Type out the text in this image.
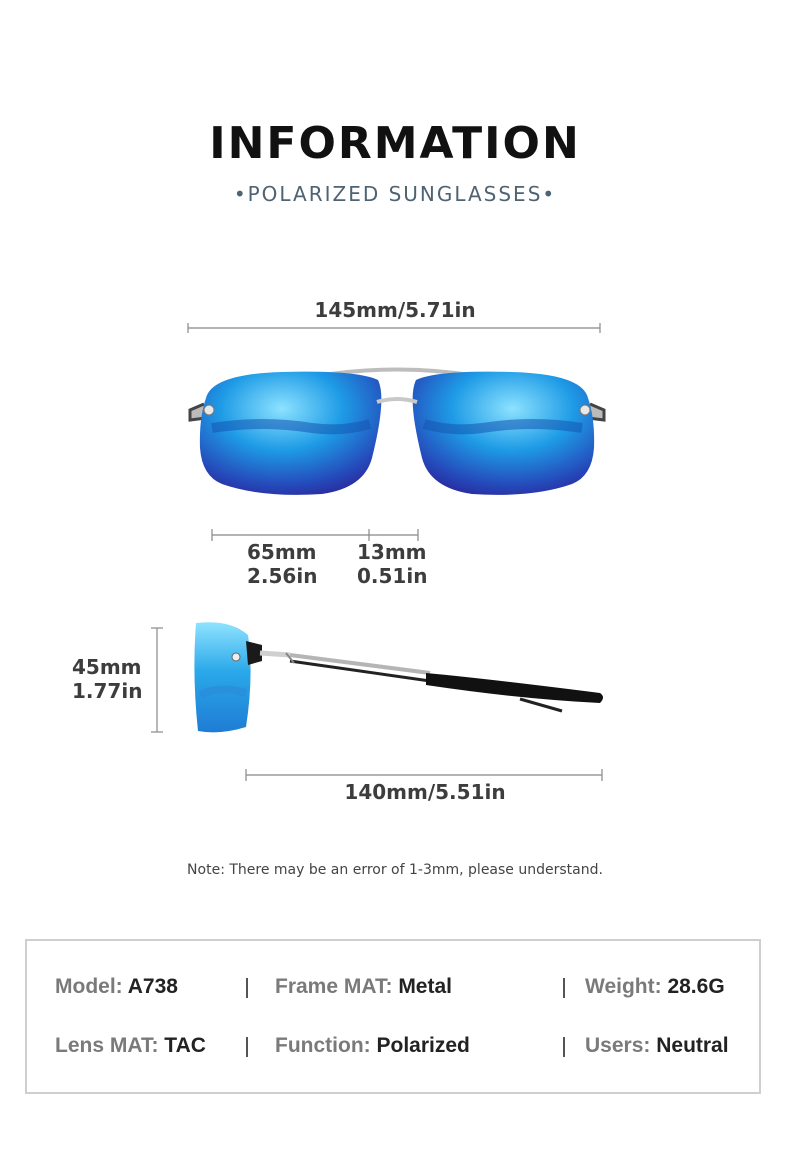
INFORMATION
•POLARIZED SUNGLASSES•
145mm/5.71in
65mm
2.56in
13mm
0.51in
45mm
1.77in
140mm/5.51in
Note: There may be an error of 1-3mm, please understand.
Model: A738	Frame MAT: Metal	Weight: 28.6G
Lens MAT: TAC	Function: Polarized	Users: Neutral
